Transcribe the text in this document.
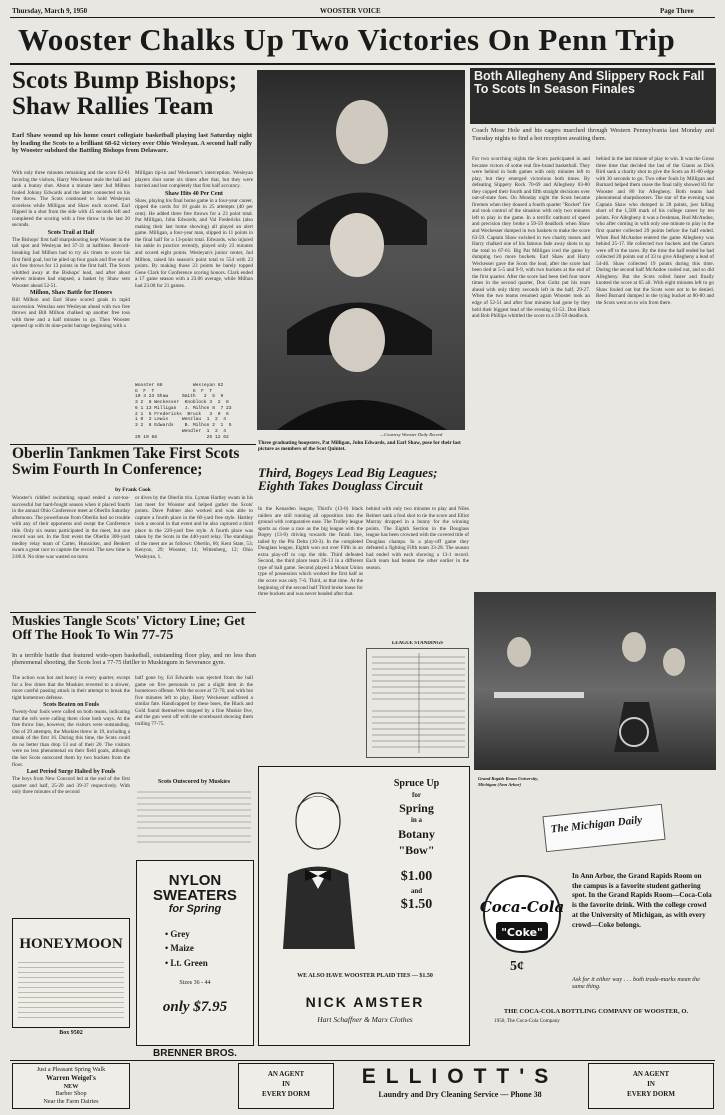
Thursday, March 9, 1950	WOOSTER VOICE	Page Three
Wooster Chalks Up Two Victories On Penn Trip
Scots Bump Bishops; Shaw Rallies Team
Earl Shaw wound up his home court collegiate basketball playing last Saturday night by leading the Scots to a brilliant 68-62 victory over Ohio Wesleyan. A second half rally by Wooster subdued the Battling Bishops from Delaware.

With only three minutes remaining and the score 62-61 favoring the visitors, Harry Weckesser stole the ball and sank a bunny shot. About a minute later Jud Milhon fouled Johnny Edwards and the latter connected on his free throw. The Scots continued to hold Wesleyan scoreless while Milligan and Shaw each scored. Earl flipped in a shot from the side with 45 seconds left and completed the scoring with a free throw in the last 20 seconds.

Scots Trail at Half

The Bishops' first half sharpshooting kept Wooster in the tail spot and Wesleyan led 37-31 at halftime. Record-breaking Jud Milhon had to try six times to score his first field goal, but he piled up four goals and five out of six free throws for 13 points in the first half. The Scots whittled away at the Bishops' lead, and after about eleven minutes had elapsed, a basket by Shaw sent Wooster ahead 52-51.

Milhon, Shaw Battle for Honors

Bill Milhon and Earl Shaw scored goals in rapid succession. Wenzlau sent Wesleyan ahead with two free throws and Bill Milhon chalked up another free toss with three and a half minutes to go. Then Wooster opened up with its nine-point barrage beginning with a

Milligan tip-in and Weckesser's interception. Wesleyan players shot some six times after that, but they were hurried and lost completely that first half accuracy.

Shaw Hits 40 Per Cent

Shaw, playing his final home game in a four-year career, ripped the cords for 10 goals in 25 attempts (40 per cent). He added three free throws for a 23 point total. Pat Milligan, John Edwards, and Val Fredericks (also making their last home showing) all played an alert game. Milligan, a four-year man, slipped in 11 points in the final half for a 13-point total. Edwards, who injured his ankle in practice recently, played only 23 minutes and scored eight points. Wesleyan's junior center, Jud Milhon, raised his season's point total to 554 with 23 points. By making those 23 points he barely topped Gene Clark for Conference scoring honors. Clark ended a 17 game season with a 23.06 average, while Milhon had 23.08 for 21 games.

Wooster 68           Wesleyan 62
G  F  T              G  F  T
10 3 23 Shaw     Smith   2  5  9
3 2  8 Weckesser  Knoblock 3  2  8
6 1 13 Milligan   J. Milhon 8  7 23
2 1  5 Fredericks  Bruck   3  0  6
1 0  2 Lewis     Wenzlau  1  2  4
3 2  8 Edwards    B. Milhon 2  1  5
Wendler  1  2  4
29 10 68                  25 12 62
—Courtesy Wooster Daily Record
Three graduating hoopsters, Pat Milligan, John Edwards, and Earl Shaw, pose for their last picture as members of the Scot Quintet.
Both Allegheny And Slippery Rock Fall To Scots In Season Finales
Coach Mose Hole and his cagers marched through Western Pennsylvania last Monday and Tuesday nights to find a hot reception awaiting them.
For two scorching nights the Scots participated in and became victors of some real fire-brand basketball. They were behind in both games with only minutes left to play, but they emerged victorious both times. By defeating Slippery Rock 70-69 and Allegheny 83-80 they copped their fourth and fifth straight decisions over out-of-state foes. On Monday night the Scots became firemen when they doused a fourth quarter "Rocket" fire and took control of the situation with only two minutes left to play in the game. In a terrific outburst of speed and precision they broke a 59-59 deadlock when Shaw and Weckesser dumped in two baskets to make the score 63-59. Captain Shaw swished in two charity tosses and Harry chalked one of his famous fade away shots to up the total to 67-61. Big Pat Milligan iced the game by dumping two more buckets. Earl Shaw and Harry Weckesser gave the Scots the lead, after the score had been tied at 5-5 and 9-9, with two buckets at the end of the first quarter. After the score had been tied four more times in the second quarter, Don Goltz put his team ahead with only thirty seconds left in the half, 29-27. When the two teams resumed again Wooster took an edge of 52-51 and after four minutes had gone by they held their biggest lead of the evening 61-53. Don Black and Bob Phillips whittled the score to a 59-59 deadlock.
behind in the last minute of play to win. It was the Gross three time that decided the last of the Giants as Dick Bird sank a charity shot to give the Scots an 81-80 edge with 30 seconds to go. Two other fouls by Milligan and Burnard helped them cease the final tally showed 83 for Wooster and 80 for Allegheny. Both teams had phenomenal sharpshooters. The star of the evening was Captain Shaw who dumped in 28 points, just falling short of the 1,500 mark of his college career by ten points. For Allegheny it was a freshman, Bud McAndoe, who after coming in with only one minute to play in the first quarter collected 29 points before the half ended. When Bud McAndoe entered the game Allegheny was behind 25-17. He collected two buckets and the Gators were off to the races. By the time the half ended he had collected 20 points out of 33 to give Allegheny a lead of 54-46. Shaw collected 19 points during this time. During the second half McAndoe cooled out, and so did Allegheny. But the Scots rolled faster and finally knotted the score at 65 all. With eight minutes left to go Shaw fouled out but the Scots were not to be denied. Reed Burnard dumped in the tying bucket at 80-80 and the Scots went on to win from there.
Oberlin Tankmen Take First Scots Swim Fourth In Conference;
by Frank Cook
Wooster's riddled swimming squad ended a not-too-successful but hard-fought season when it placed fourth in the annual Ohio Conference meet at Oberlin Saturday afternoon. The powerhouse from Oberlin had no trouble with any of their opponents and swept the Conference title. Only six teams participated in the meet, but one record was set. In the first event the Oberlin 300-yard medley relay team of Carter, Hunsicker, and Benkert swam a great race to capture the record. The new time is 3:06.8. No time was wasted on turns
or dives by the Oberlin trio. Lyman Hartley swam in his last meet for Wooster and helped gather the Scots' points. Dave Palmer also worked and was able to capture a fourth place in the 60-yard free style. Hartley took a second in that event and he also captured a third place in the 220-yard free style. A fourth place was taken by the Scots in the 440-yard relay. The standings of the meet are as follows: Oberlin, 66; Kent State, 53; Kenyon, 29; Wooster, 14; Wittenberg, 12; Ohio Wesleyan, 1.
Third, Bogeys Lead Big Leagues; Eighth Takes Douglass Circuit
In the Kenarden league, Third's (13-0) black raiders are still running all opposition into the ground with comparative ease. The Trolley league sports as close a race as the big league with the Bogey (13-0) driving towards the finish line, tailed by the Phi Delta (10-3). In the completed Douglass league, Eighth won out over Fifth in an extra play-off to cop the title. Third defeated Second, the third place team 26-13 in a different type of ball game. Second played a Mount Union type of possession which worked the first half as the score was only 7-6. Third, at that time. At the beginning of the second half Third broke loose for three buckets and was never headed after that.
behind with only two minutes to play and Niles Reimer sank a foul shot to tie the score and Elliot Murray dropped in a bunny for the winning points. The Eighth Section in the Douglass league has been crowned with the covered title of Douglass champs. In a play-off game they defeated a fighting Fifth team 33-28. The season had ended with each showing a 13-1 record. Each team had beaten the other earlier in the season.
LEAGUE STANDINGS
Muskies Tangle Scots' Victory Line; Get Off The Hook To Win 77-75
In a terrible battle that featured wide-open basketball, outstanding floor play, and no less than phenomenal shooting, the Scots lost a 77-75 thriller to Muskingum in Severance gym.

The action was hot and heavy in every quarter, except for a few times that the Muskies reverted to a slower, more careful passing attack in their attempt to break the tight hometown defense.

Scots Beaten on Fouls

Twenty-four fouls were called on both teams, indicating that the refs were calling them close both ways. At the free throw line, however, the visitors were outstanding. Out of 29 attempts, the Muskies threw in 19, including a streak of the first 16. During this time, the Scots could do no better than drop 13 out of their 20. The visitors were no less phenomenal on their field goals, although the hot Scots outscored them by two buckets from the floor.

Last Period Surge Halted by Fouls

The boys from New Concord led at the end of the first quarter and half, 25-20 and 39-37 respectively. With only three minutes of the second

half gone by, Ed Edwards was ejected from the ball game on five personals to put a slight dent in the hometown offense. With the score at 72-70, and with but five minutes left to play, Harry Weckesser suffered a similar fate. Handicapped by these loses, the Black and Gold found themselves stopped by a fine Muskie five, and the gun went off with the scoreboard showing them trailing 77-75.
Scots Outscored by Muskies
HONEYMOON
Box 9502
NYLON
SWEATERS
for Spring
• Grey
• Maize
• Lt. Green
Sizes 36 - 44
only $7.95
BRENNER BROS.
Spruce Up
for
Spring
in a
Botany
"Bow"
$1.00
and
$1.50
WE ALSO HAVE WOOSTER PLAID TIES — $1.50
NICK AMSTER
Hart Schaffner & Marx Clothes
Grand Rapids Room University, Michigan (Ann Arbor)
The Michigan Daily
Coca-Cola
"Coke"
5¢
In Ann Arbor, the Grand Rapids Room on the campus is a favorite student gathering spot. In the Grand Rapids Room—Coca-Cola is the favorite drink. With the college crowd at the University of Michigan, as with every crowd—Coke belongs.
Ask for it either way . . . both trade-marks mean the same thing.
THE COCA-COLA BOTTLING COMPANY OF WOOSTER, O.
1950, The Coca-Cola Company
Just a Pleasant Spring Walk
Warren Weigel's
NEW
Barber Shop
Near the Farm Dairies
AN AGENT
IN
EVERY DORM
ELLIOTT'S
Laundry and Dry Cleaning Service — Phone 38
AN AGENT
IN
EVERY DORM
